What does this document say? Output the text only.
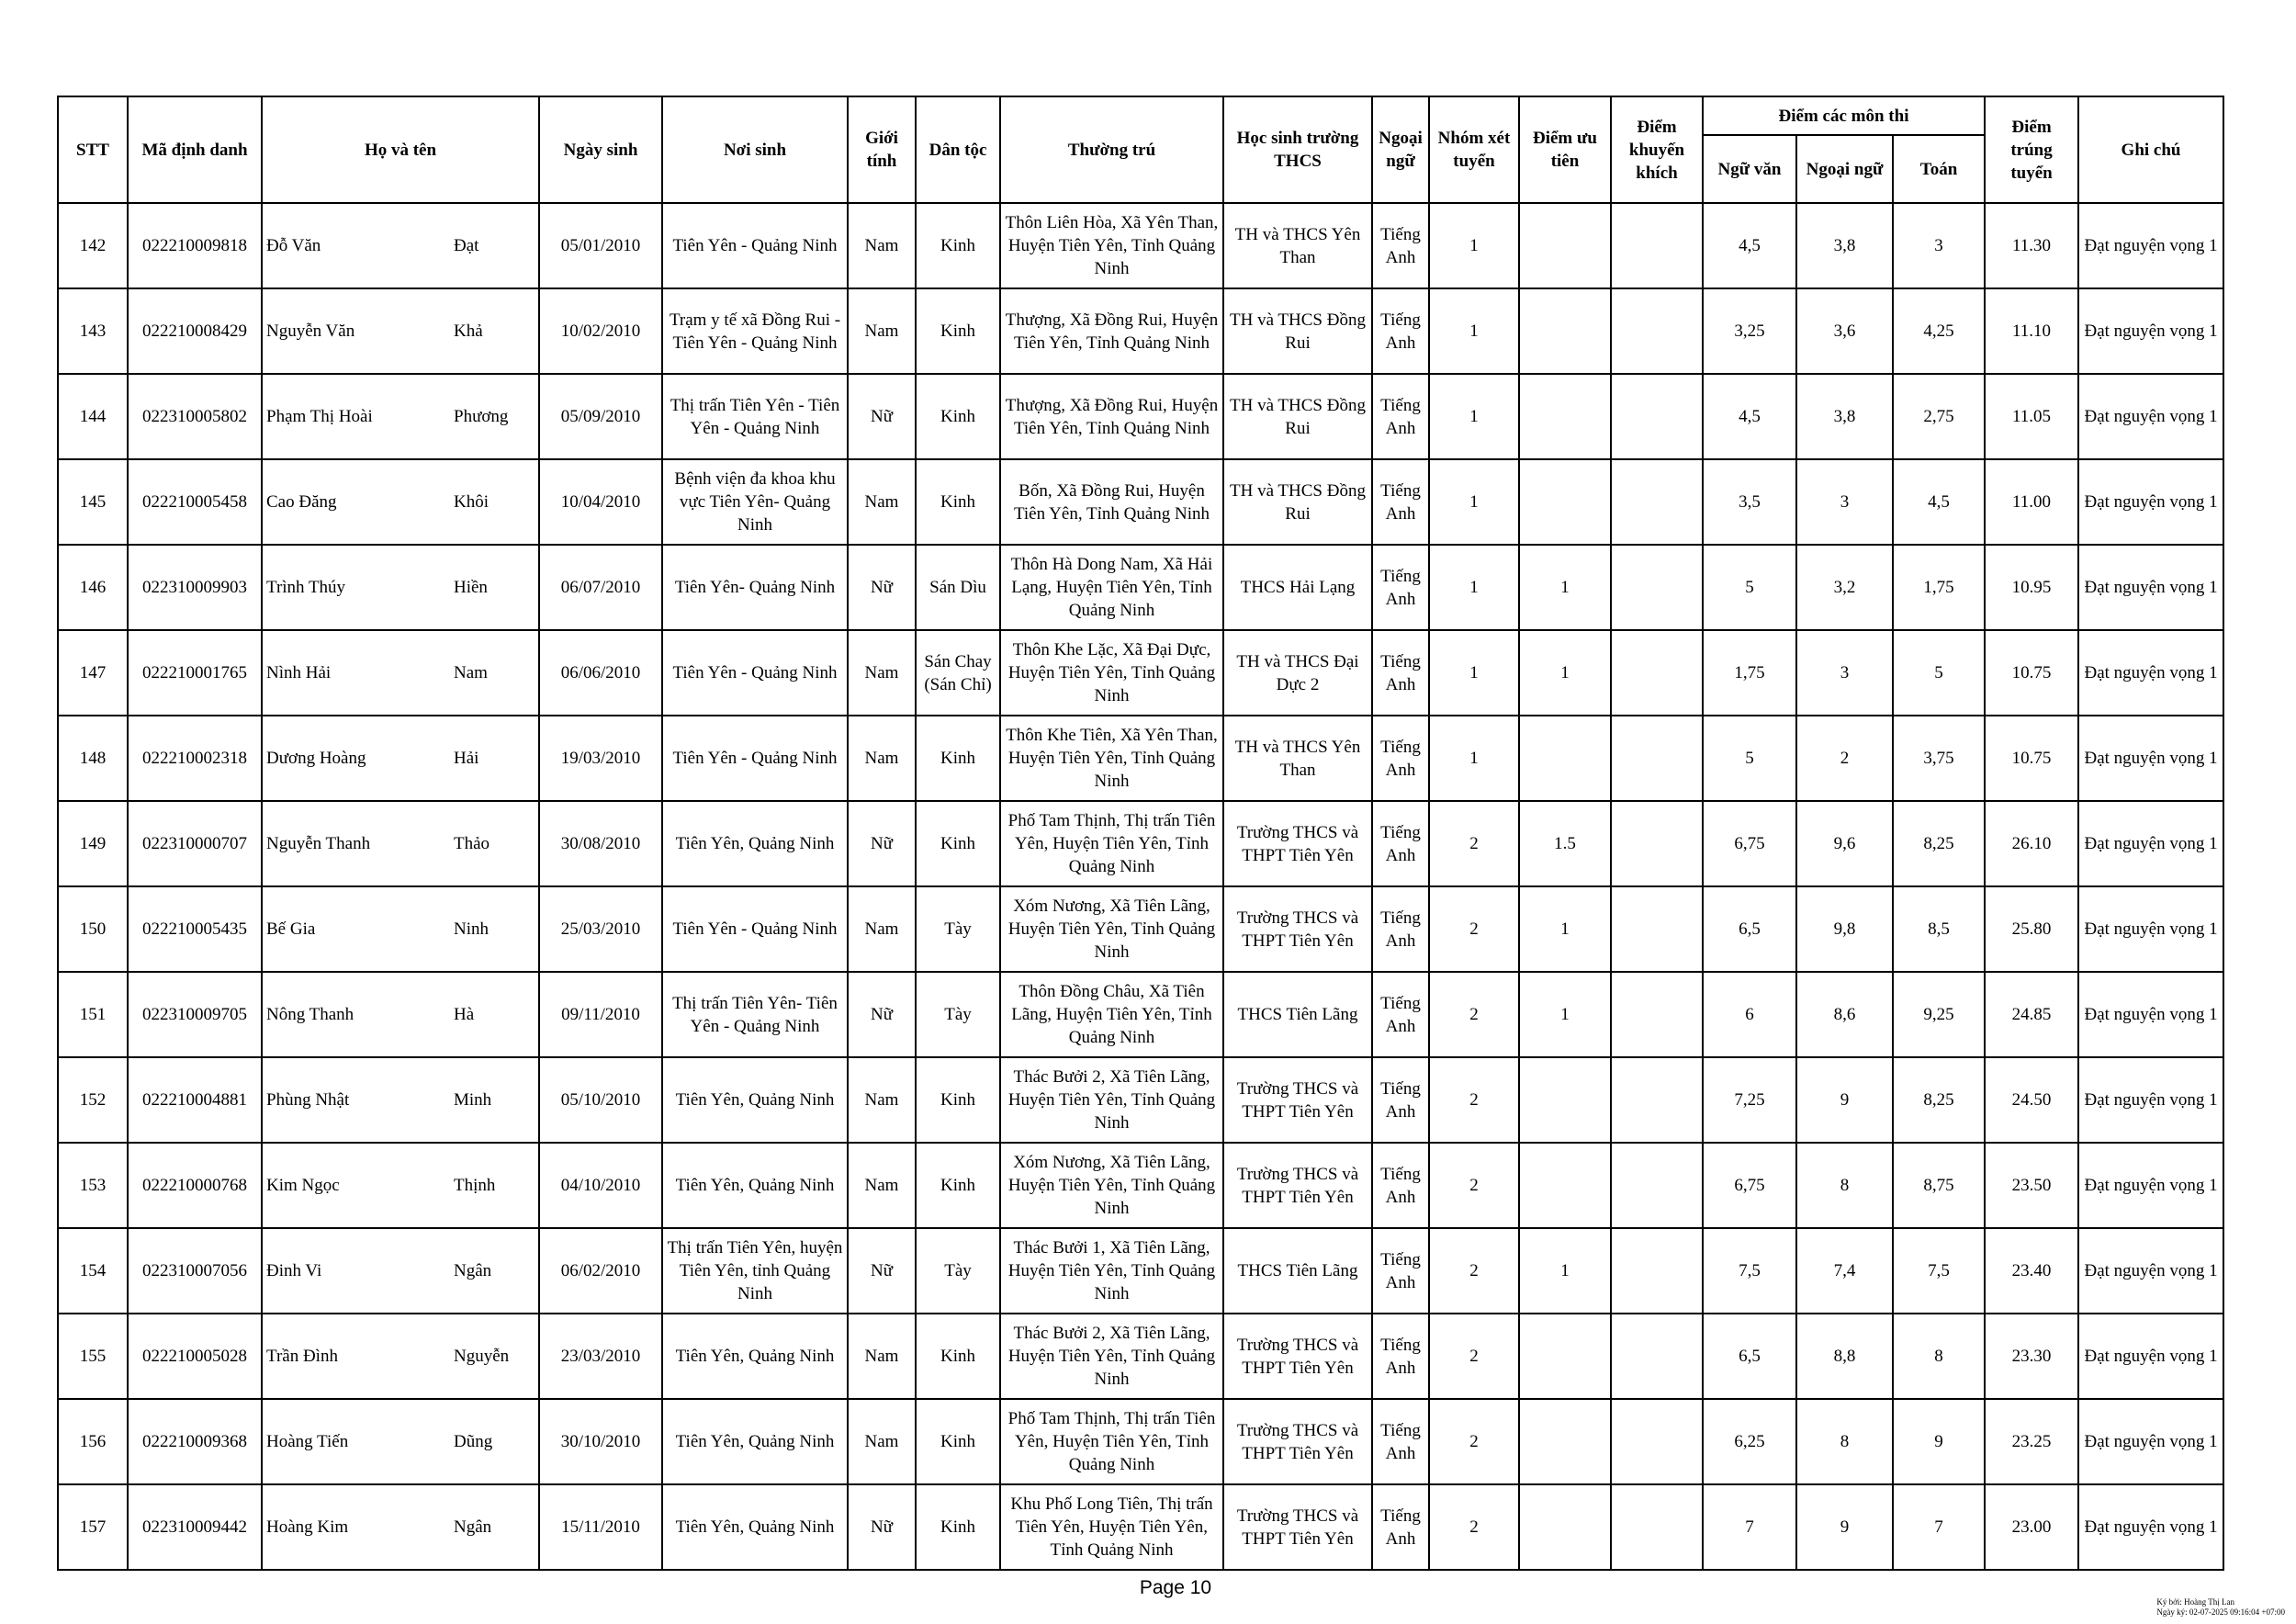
STT	Mã định danh	Họ và tên	Ngày sinh	Nơi sinh	Giới tính	Dân tộc	Thường trú	Học sinh trường THCS	Ngoại ngữ	Nhóm xét tuyển	Điểm ưu tiên	Điểm khuyến khích	Điểm các môn thi			Điểm trúng tuyển	Ghi chú
													Ngữ văn	Ngoại ngữ	Toán		
142	022210009818	Đỗ Văn Đạt	05/01/2010	Tiên Yên - Quảng Ninh	Nam	Kinh	Thôn Liên Hòa, Xã Yên Than, Huyện Tiên Yên, Tỉnh Quảng Ninh	TH và THCS Yên Than	Tiếng Anh	1			4,5	3,8	3	11.30	Đạt nguyện vọng 1
143	022210008429	Nguyễn Văn Khả	10/02/2010	Trạm y tế xã Đồng Rui - Tiên Yên - Quảng Ninh	Nam	Kinh	Thượng, Xã Đồng Rui, Huyện Tiên Yên, Tỉnh Quảng Ninh	TH và THCS Đồng Rui	Tiếng Anh	1			3,25	3,6	4,25	11.10	Đạt nguyện vọng 1
144	022310005802	Phạm Thị Hoài Phương	05/09/2010	Thị trấn Tiên Yên - Tiên Yên - Quảng Ninh	Nữ	Kinh	Thượng, Xã Đồng Rui, Huyện Tiên Yên, Tỉnh Quảng Ninh	TH và THCS Đồng Rui	Tiếng Anh	1			4,5	3,8	2,75	11.05	Đạt nguyện vọng 1
145	022210005458	Cao Đăng Khôi	10/04/2010	Bệnh viện đa khoa khu vực Tiên Yên- Quảng Ninh	Nam	Kinh	Bốn, Xã Đồng Rui, Huyện Tiên Yên, Tỉnh Quảng Ninh	TH và THCS Đồng Rui	Tiếng Anh	1			3,5	3	4,5	11.00	Đạt nguyện vọng 1
146	022310009903	Trình Thúy Hiền	06/07/2010	Tiên Yên- Quảng Ninh	Nữ	Sán Dìu	Thôn Hà Dong Nam, Xã Hải Lạng, Huyện Tiên Yên, Tỉnh Quảng Ninh	THCS Hải Lạng	Tiếng Anh	1	1		5	3,2	1,75	10.95	Đạt nguyện vọng 1
147	022210001765	Nình Hải Nam	06/06/2010	Tiên Yên - Quảng Ninh	Nam	Sán Chay (Sán Chỉ)	Thôn Khe Lặc, Xã Đại Dực, Huyện Tiên Yên, Tỉnh Quảng Ninh	TH và THCS Đại Dực 2	Tiếng Anh	1	1		1,75	3	5	10.75	Đạt nguyện vọng 1
148	022210002318	Dương Hoàng Hải	19/03/2010	Tiên Yên - Quảng Ninh	Nam	Kinh	Thôn Khe Tiên, Xã Yên Than, Huyện Tiên Yên, Tỉnh Quảng Ninh	TH và THCS Yên Than	Tiếng Anh	1			5	2	3,75	10.75	Đạt nguyện vọng 1
149	022310000707	Nguyễn Thanh Thảo	30/08/2010	Tiên Yên, Quảng Ninh	Nữ	Kinh	Phố Tam Thịnh, Thị trấn Tiên Yên, Huyện Tiên Yên, Tỉnh Quảng Ninh	Trường THCS và THPT Tiên Yên	Tiếng Anh	2	1.5		6,75	9,6	8,25	26.10	Đạt nguyện vọng 1
150	022210005435	Bế Gia Ninh	25/03/2010	Tiên Yên - Quảng Ninh	Nam	Tày	Xóm Nương, Xã Tiên Lãng, Huyện Tiên Yên, Tỉnh Quảng Ninh	Trường THCS và THPT Tiên Yên	Tiếng Anh	2	1		6,5	9,8	8,5	25.80	Đạt nguyện vọng 1
151	022310009705	Nông Thanh Hà	09/11/2010	Thị trấn Tiên Yên- Tiên Yên - Quảng Ninh	Nữ	Tày	Thôn Đồng Châu, Xã Tiên Lãng, Huyện Tiên Yên, Tỉnh Quảng Ninh	THCS Tiên Lãng	Tiếng Anh	2	1		6	8,6	9,25	24.85	Đạt nguyện vọng 1
152	022210004881	Phùng Nhật Minh	05/10/2010	Tiên Yên, Quảng Ninh	Nam	Kinh	Thác Bưởi 2, Xã Tiên Lãng, Huyện Tiên Yên, Tỉnh Quảng Ninh	Trường THCS và THPT Tiên Yên	Tiếng Anh	2			7,25	9	8,25	24.50	Đạt nguyện vọng 1
153	022210000768	Kim Ngọc Thịnh	04/10/2010	Tiên Yên, Quảng Ninh	Nam	Kinh	Xóm Nương, Xã Tiên Lãng, Huyện Tiên Yên, Tỉnh Quảng Ninh	Trường THCS và THPT Tiên Yên	Tiếng Anh	2			6,75	8	8,75	23.50	Đạt nguyện vọng 1
154	022310007056	Đinh Vi Ngân	06/02/2010	Thị trấn Tiên Yên, huyện Tiên Yên, tỉnh Quảng Ninh	Nữ	Tày	Thác Bưởi 1, Xã Tiên Lãng, Huyện Tiên Yên, Tỉnh Quảng Ninh	THCS Tiên Lãng	Tiếng Anh	2	1		7,5	7,4	7,5	23.40	Đạt nguyện vọng 1
155	022210005028	Trần Đình Nguyễn	23/03/2010	Tiên Yên, Quảng Ninh	Nam	Kinh	Thác Bưởi 2, Xã Tiên Lãng, Huyện Tiên Yên, Tỉnh Quảng Ninh	Trường THCS và THPT Tiên Yên	Tiếng Anh	2			6,5	8,8	8	23.30	Đạt nguyện vọng 1
156	022210009368	Hoàng Tiến Dũng	30/10/2010	Tiên Yên, Quảng Ninh	Nam	Kinh	Phố Tam Thịnh, Thị trấn Tiên Yên, Huyện Tiên Yên, Tỉnh Quảng Ninh	Trường THCS và THPT Tiên Yên	Tiếng Anh	2			6,25	8	9	23.25	Đạt nguyện vọng 1
157	022310009442	Hoàng Kim Ngân	15/11/2010	Tiên Yên, Quảng Ninh	Nữ	Kinh	Khu Phố Long Tiên, Thị trấn Tiên Yên, Huyện Tiên Yên, Tỉnh Quảng Ninh	Trường THCS và THPT Tiên Yên	Tiếng Anh	2			7	9	7	23.00	Đạt nguyện vọng 1
Page 10
Ký bởi: Hoàng Thị Lan
Ngày ký: 02-07-2025 09:16:04 +07:00
